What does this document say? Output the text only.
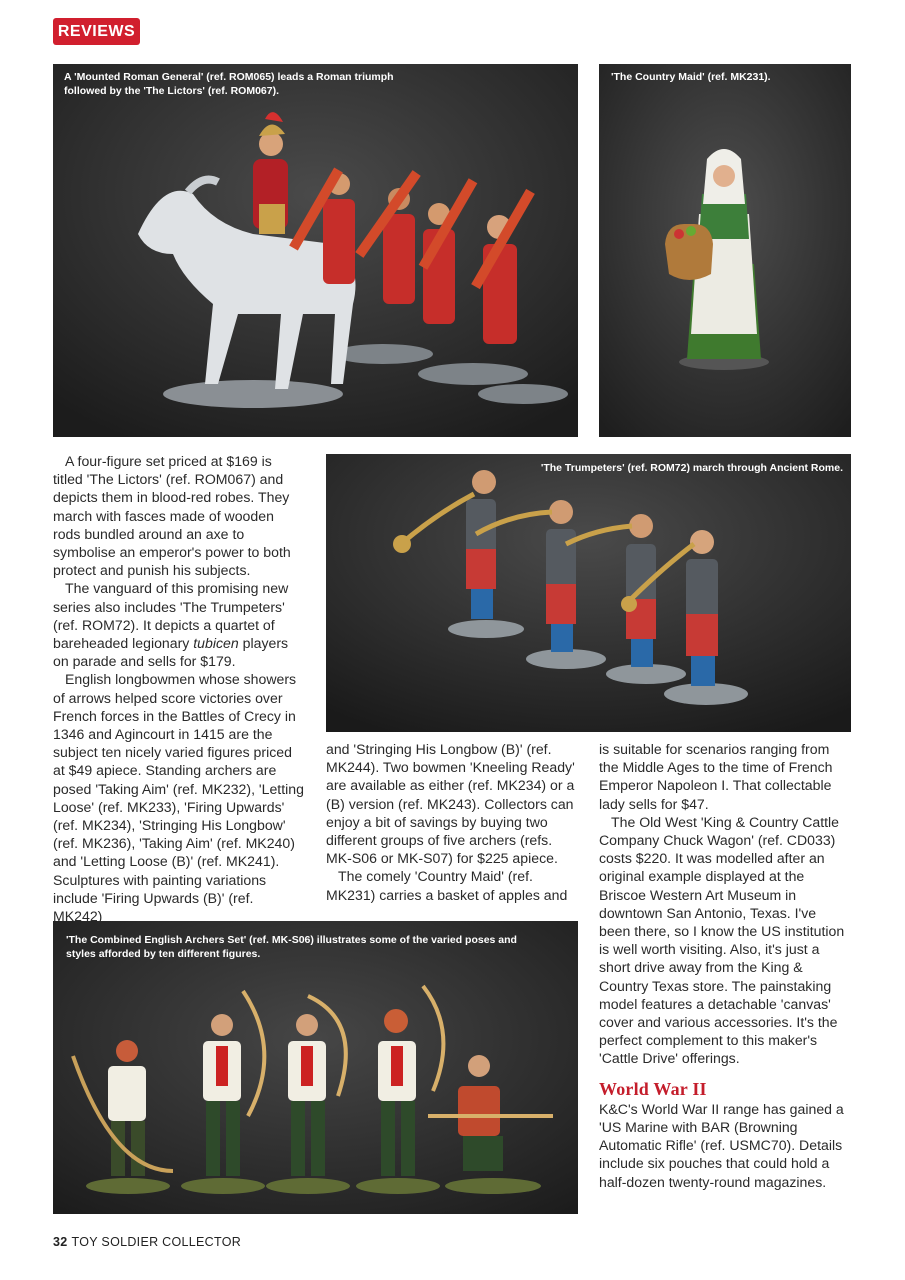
REVIEWS
A 'Mounted Roman General' (ref. ROM065) leads a Roman triumph followed by the 'The Lictors' (ref. ROM067).
'The Country Maid' (ref. MK231).
'The Trumpeters' (ref. ROM72) march through Ancient Rome.
'The Combined English Archers Set' (ref. MK-S06) illustrates some of the varied poses and styles afforded by ten different figures.

A four-figure set priced at $169 is titled 'The Lictors' (ref. ROM067) and depicts them in blood-red robes. They march with fasces made of wooden rods bundled around an axe to symbolise an emperor's power to both protect and punish his subjects.

The vanguard of this promising new series also includes 'The Trumpeters' (ref. ROM72). It depicts a quartet of bareheaded legionary tubicen players on parade and sells for $179.

English longbowmen whose showers of arrows helped score victories over French forces in the Battles of Crecy in 1346 and Agincourt in 1415 are the subject ten nicely varied figures priced at $49 apiece. Standing archers are posed 'Taking Aim' (ref. MK232), 'Letting Loose' (ref. MK233), 'Firing Upwards' (ref. MK234), 'Stringing His Longbow' (ref. MK236), 'Taking Aim' (ref. MK240) and 'Letting Loose (B)' (ref. MK241). Sculptures with painting variations include 'Firing Upwards (B)' (ref. MK242)

and 'Stringing His Longbow (B)' (ref. MK244). Two bowmen 'Kneeling Ready' are available as either (ref. MK234) or a (B) version (ref. MK243). Collectors can enjoy a bit of savings by buying two different groups of five archers (refs. MK-S06 or MK-S07) for $225 apiece.

The comely 'Country Maid' (ref. MK231) carries a basket of apples and

is suitable for scenarios ranging from the Middle Ages to the time of French Emperor Napoleon I. That collectable lady sells for $47.

The Old West 'King & Country Cattle Company Chuck Wagon' (ref. CD033) costs $220. It was modelled after an original example displayed at the Briscoe Western Art Museum in downtown San Antonio, Texas. I've been there, so I know the US institution is well worth visiting. Also, it's just a short drive away from the King & Country Texas store. The painstaking model features a detachable 'canvas' cover and various accessories. It's the perfect complement to this maker's 'Cattle Drive' offerings.

World War II

K&C's World War II range has gained a 'US Marine with BAR (Browning Automatic Rifle' (ref. USMC70). Details include six pouches that could hold a half-dozen twenty-round magazines.

32 TOY SOLDIER COLLECTOR
